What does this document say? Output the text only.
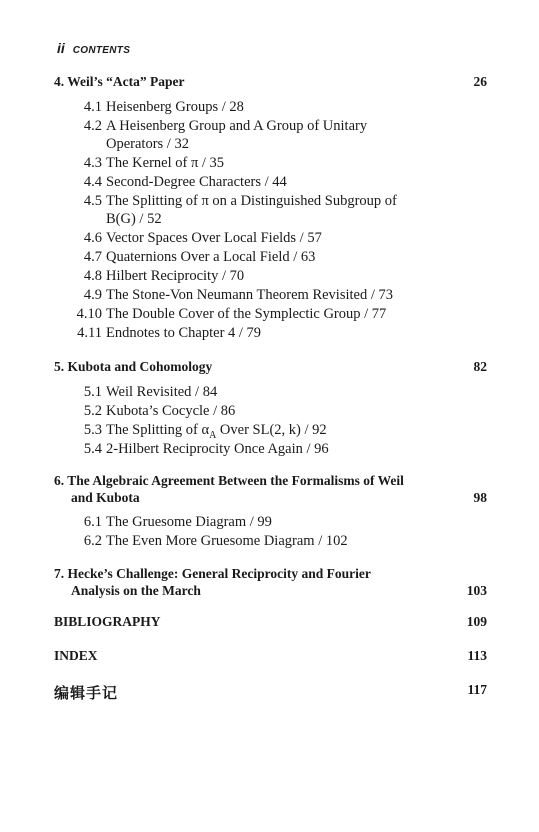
ii CONTENTS
4. Weil’s “Acta” Paper	26
4.1 Heisenberg Groups / 28
4.2 A Heisenberg Group and A Group of Unitary
Operators / 32
4.3 The Kernel of π / 35
4.4 Second-Degree Characters / 44
4.5 The Splitting of π on a Distinguished Subgroup of
B(G) / 52
4.6 Vector Spaces Over Local Fields / 57
4.7 Quaternions Over a Local Field / 63
4.8 Hilbert Reciprocity / 70
4.9 The Stone-Von Neumann Theorem Revisited / 73
4.10 The Double Cover of the Symplectic Group / 77
4.11 Endnotes to Chapter 4 / 79
5. Kubota and Cohomology	82
5.1 Weil Revisited / 84
5.2 Kubota’s Cocycle / 86
5.3 The Splitting of $\alpha_A$ Over SL(2, k) / 92
5.4 2-Hilbert Reciprocity Once Again / 96
6. The Algebraic Agreement Between the Formalisms of Weil
and Kubota	98
6.1 The Gruesome Diagram / 99
6.2 The Even More Gruesome Diagram / 102
7. Hecke’s Challenge: General Reciprocity and Fourier
Analysis on the March	103
BIBLIOGRAPHY	109
INDEX	113
编辑手记	117
